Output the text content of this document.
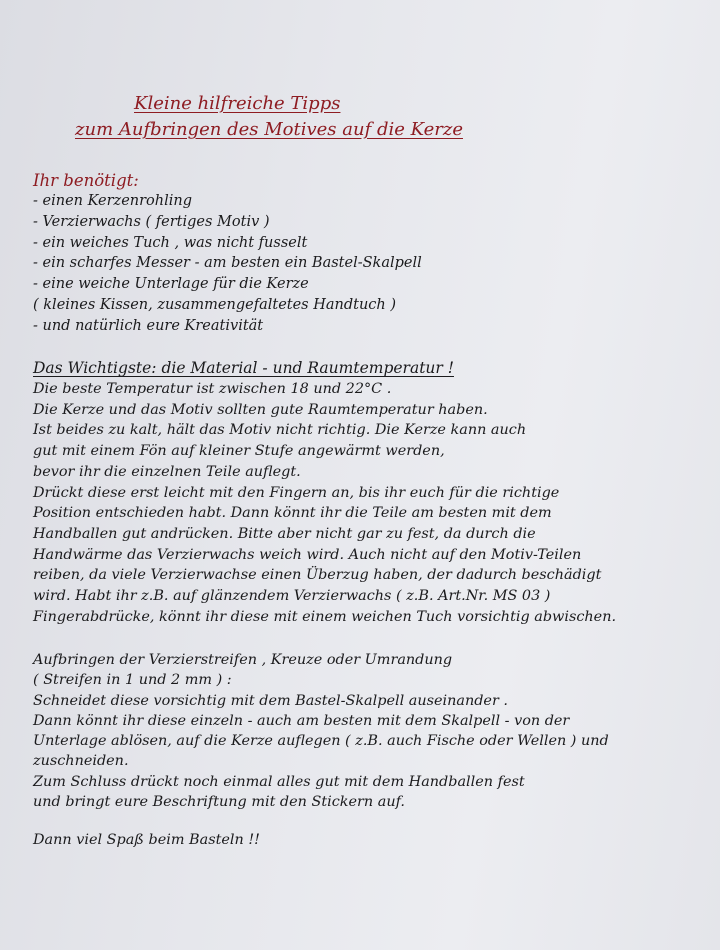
Kleine hilfreiche Tipps
zum Aufbringen des Motives auf die Kerze
Ihr benötigt:
- einen Kerzenrohling
- Verzierwachs ( fertiges Motiv )
- ein weiches Tuch , was nicht fusselt
- ein scharfes Messer - am besten ein Bastel-Skalpell
- eine weiche Unterlage für die Kerze
( kleines Kissen, zusammengefaltetes Handtuch )
- und natürlich eure Kreativität
Das Wichtigste: die Material - und Raumtemperatur !
Die beste Temperatur ist zwischen 18 und 22°C .
Die Kerze und das Motiv sollten gute Raumtemperatur haben.
Ist beides zu kalt, hält das Motiv nicht richtig. Die Kerze kann auch
gut mit einem Fön auf kleiner Stufe angewärmt werden,
bevor ihr die einzelnen Teile auflegt.
Drückt diese erst leicht mit den Fingern an, bis ihr euch für die richtige
Position entschieden habt. Dann könnt ihr die Teile am besten mit dem
Handballen gut andrücken. Bitte aber nicht gar zu fest, da durch die
Handwärme das Verzierwachs weich wird. Auch nicht auf den Motiv-Teilen
reiben, da viele Verzierwachse einen Überzug haben, der dadurch beschädigt
wird. Habt ihr z.B. auf glänzendem Verzierwachs ( z.B. Art.Nr. MS 03 )
Fingerabdrücke, könnt ihr diese mit einem weichen Tuch vorsichtig abwischen.
Aufbringen der Verzierstreifen , Kreuze oder Umrandung
( Streifen in 1 und 2 mm ) :
Schneidet diese vorsichtig mit dem Bastel-Skalpell auseinander .
Dann könnt ihr diese einzeln - auch am besten mit dem Skalpell - von der
Unterlage ablösen, auf die Kerze auflegen ( z.B. auch Fische oder Wellen ) und
zuschneiden.
Zum Schluss drückt noch einmal alles gut mit dem Handballen fest
und bringt eure Beschriftung mit den Stickern auf.
Dann viel Spaß beim Basteln !!
